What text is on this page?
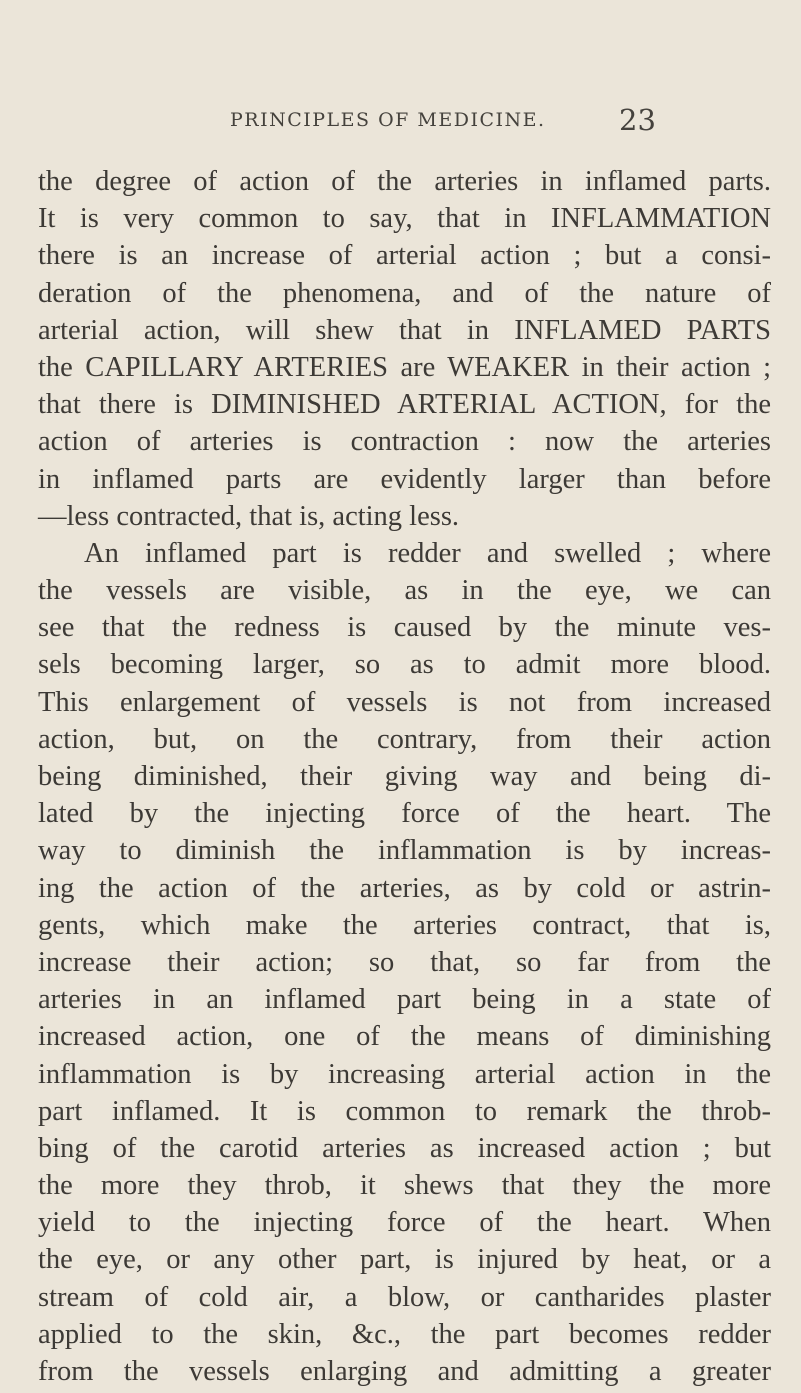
PRINCIPLES OF MEDICINE.	23
the degree of action of the arteries in inflamed parts.
It is very common to say, that in INFLAMMATION
there is an increase of arterial action ; but a consi-
deration of the phenomena, and of the nature of
arterial action, will shew that in INFLAMED PARTS
the CAPILLARY ARTERIES are WEAKER in their action ;
that there is DIMINISHED ARTERIAL ACTION, for the
action of arteries is contraction : now the arteries
in inflamed parts are evidently larger than before
—less contracted, that is, acting less.
An inflamed part is redder and swelled ; where
the vessels are visible, as in the eye, we can
see that the redness is caused by the minute ves-
sels becoming larger, so as to admit more blood.
This enlargement of vessels is not from increased
action, but, on the contrary, from their action
being diminished, their giving way and being di-
lated by the injecting force of the heart. The
way to diminish the inflammation is by increas-
ing the action of the arteries, as by cold or astrin-
gents, which make the arteries contract, that is,
increase their action; so that, so far from the
arteries in an inflamed part being in a state of
increased action, one of the means of diminishing
inflammation is by increasing arterial action in the
part inflamed. It is common to remark the throb-
bing of the carotid arteries as increased action ; but
the more they throb, it shews that they the more
yield to the injecting force of the heart. When
the eye, or any other part, is injured by heat, or a
stream of cold air, a blow, or cantharides plaster
applied to the skin, &c., the part becomes redder
from the vessels enlarging and admitting a greater
